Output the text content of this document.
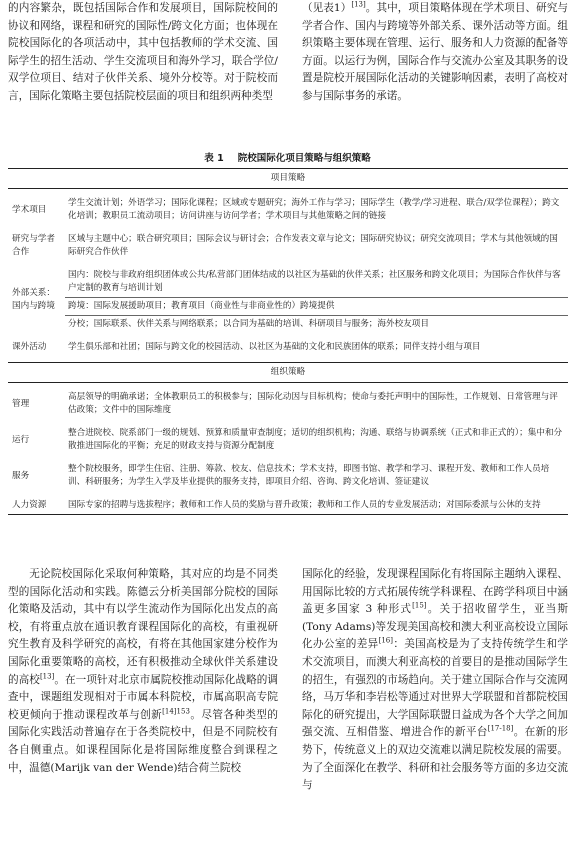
的内容繁杂，既包括国际合作和发展项目，国际院校间的协议和网络，课程和研究的国际性/跨文化方面；也体现在院校国际化的各项活动中，其中包括教师的学术交流、国际学生的招生活动、学生交流项目和海外学习，联合学位/双学位项目、结对子伙伴关系、境外分校等。对于院校而言，国际化策略主要包括院校层面的项目和组织两种类型

（见表1）[13]。其中，项目策略体现在学术项目、研究与学者合作、国内与跨境等外部关系、课外活动等方面。组织策略主要体现在管理、运行、服务和人力资源的配备等方面。以运行为例，国际合作与交流办公室及其职务的设置是院校开展国际化活动的关键影响因素，表明了高校对参与国际事务的承诺。

表 1 院校国际化项目策略与组织策略
项目策略	

学术项目	学生交流计划；外语学习；国际化课程；区域或专题研究；海外工作与学习；国际学生（教学/学习进程、联合/双学位课程）；跨文化培训；教职员工流动项目；访问讲座与访问学者；学术项目与其他策略之间的链接

研究与学者合作	区域与主题中心；联合研究项目；国际会议与研讨会；合作发表文章与论文；国际研究协议；研究交流项目；学术与其他领域的国际研究合作伙伴

外部关系：国内与跨境	国内：院校与非政府组织团体或公共/私营部门团体结成的以社区为基础的伙伴关系；社区服务和跨文化项目；为国际合作伙伴与客户定制的教育与培训计划
	跨境：国际发展援助项目；教育项目（商业性与非商业性的）跨境提供
	分校；国际联系、伙伴关系与网络联系；以合同为基础的培训、科研项目与服务；海外校友项目

课外活动	学生俱乐部和社团；国际与跨文化的校园活动、以社区为基础的文化和民族团体的联系；同伴支持小组与项目

组织策略	

管理	高层领导的明确承诺；全体教职员工的积极参与；国际化动因与目标机构；使命与委托声明中的国际性，工作规划、日常管理与评估政策；文件中的国际维度

运行	整合进院校、院系部门一级的规划、预算和质量审查制度；适切的组织机构；沟通、联络与协调系统（正式和非正式的）；集中和分散推进国际化的平衡；充足的财政支持与资源分配制度

服务	整个院校服务，即学生住宿、注册、筹款、校友、信息技术；学术支持，即图书馆、教学和学习、课程开发、教师和工作人员培训、科研服务；为学生入学及毕业提供的服务支持，即项目介绍、咨询、跨文化培训、签证建议

人力资源	国际专家的招聘与选拔程序；教师和工作人员的奖励与晋升政策；教师和工作人员的专业发展活动；对国际委派与公休的支持

无论院校国际化采取何种策略，其对应的均是不同类型的国际化活动和实践。陈德云分析美国部分院校的国际化策略及活动，其中有以学生流动作为国际化出发点的高校，有将重点放在通识教育课程国际化的高校，有重视研究生教育及科学研究的高校，有将在其他国家建分校作为国际化重要策略的高校，还有积极推动全球伙伴关系建设的高校[13]。在一项针对北京市属院校推动国际化战略的调查中，课题组发现相对于市属本科院校，市属高职高专院校更倾向于推动课程改革与创新$^{[14]153}$。尽管各种类型的国际化实践活动普遍存在于各类院校中，但是不同院校有各自侧重点。如课程国际化是将国际维度整合到课程之中，温德(Marijk van der Wende)结合荷兰院校

国际化的经验，发现课程国际化有将国际主题纳入课程、用国际比较的方式拓展传统学科课程、在跨学科项目中涵盖更多国家 3 种形式[15]。关于招收留学生，亚当斯(Tony Adams)等发现美国高校和澳大利亚高校设立国际化办公室的差异[16]：美国高校是为了支持传统学生和学术交流项目，而澳大利亚高校的首要目的是推动国际学生的招生，有强烈的市场趋向。关于建立国际合作与交流网络，马万华和李岩松等通过对世界大学联盟和首都院校国际化的研究提出，大学国际联盟日益成为各个大学之间加强交流、互相借鉴、增进合作的新平台[17-18]。在新的形势下，传统意义上的双边交流难以满足院校发展的需要。为了全面深化在教学、科研和社会服务等方面的多边交流与
